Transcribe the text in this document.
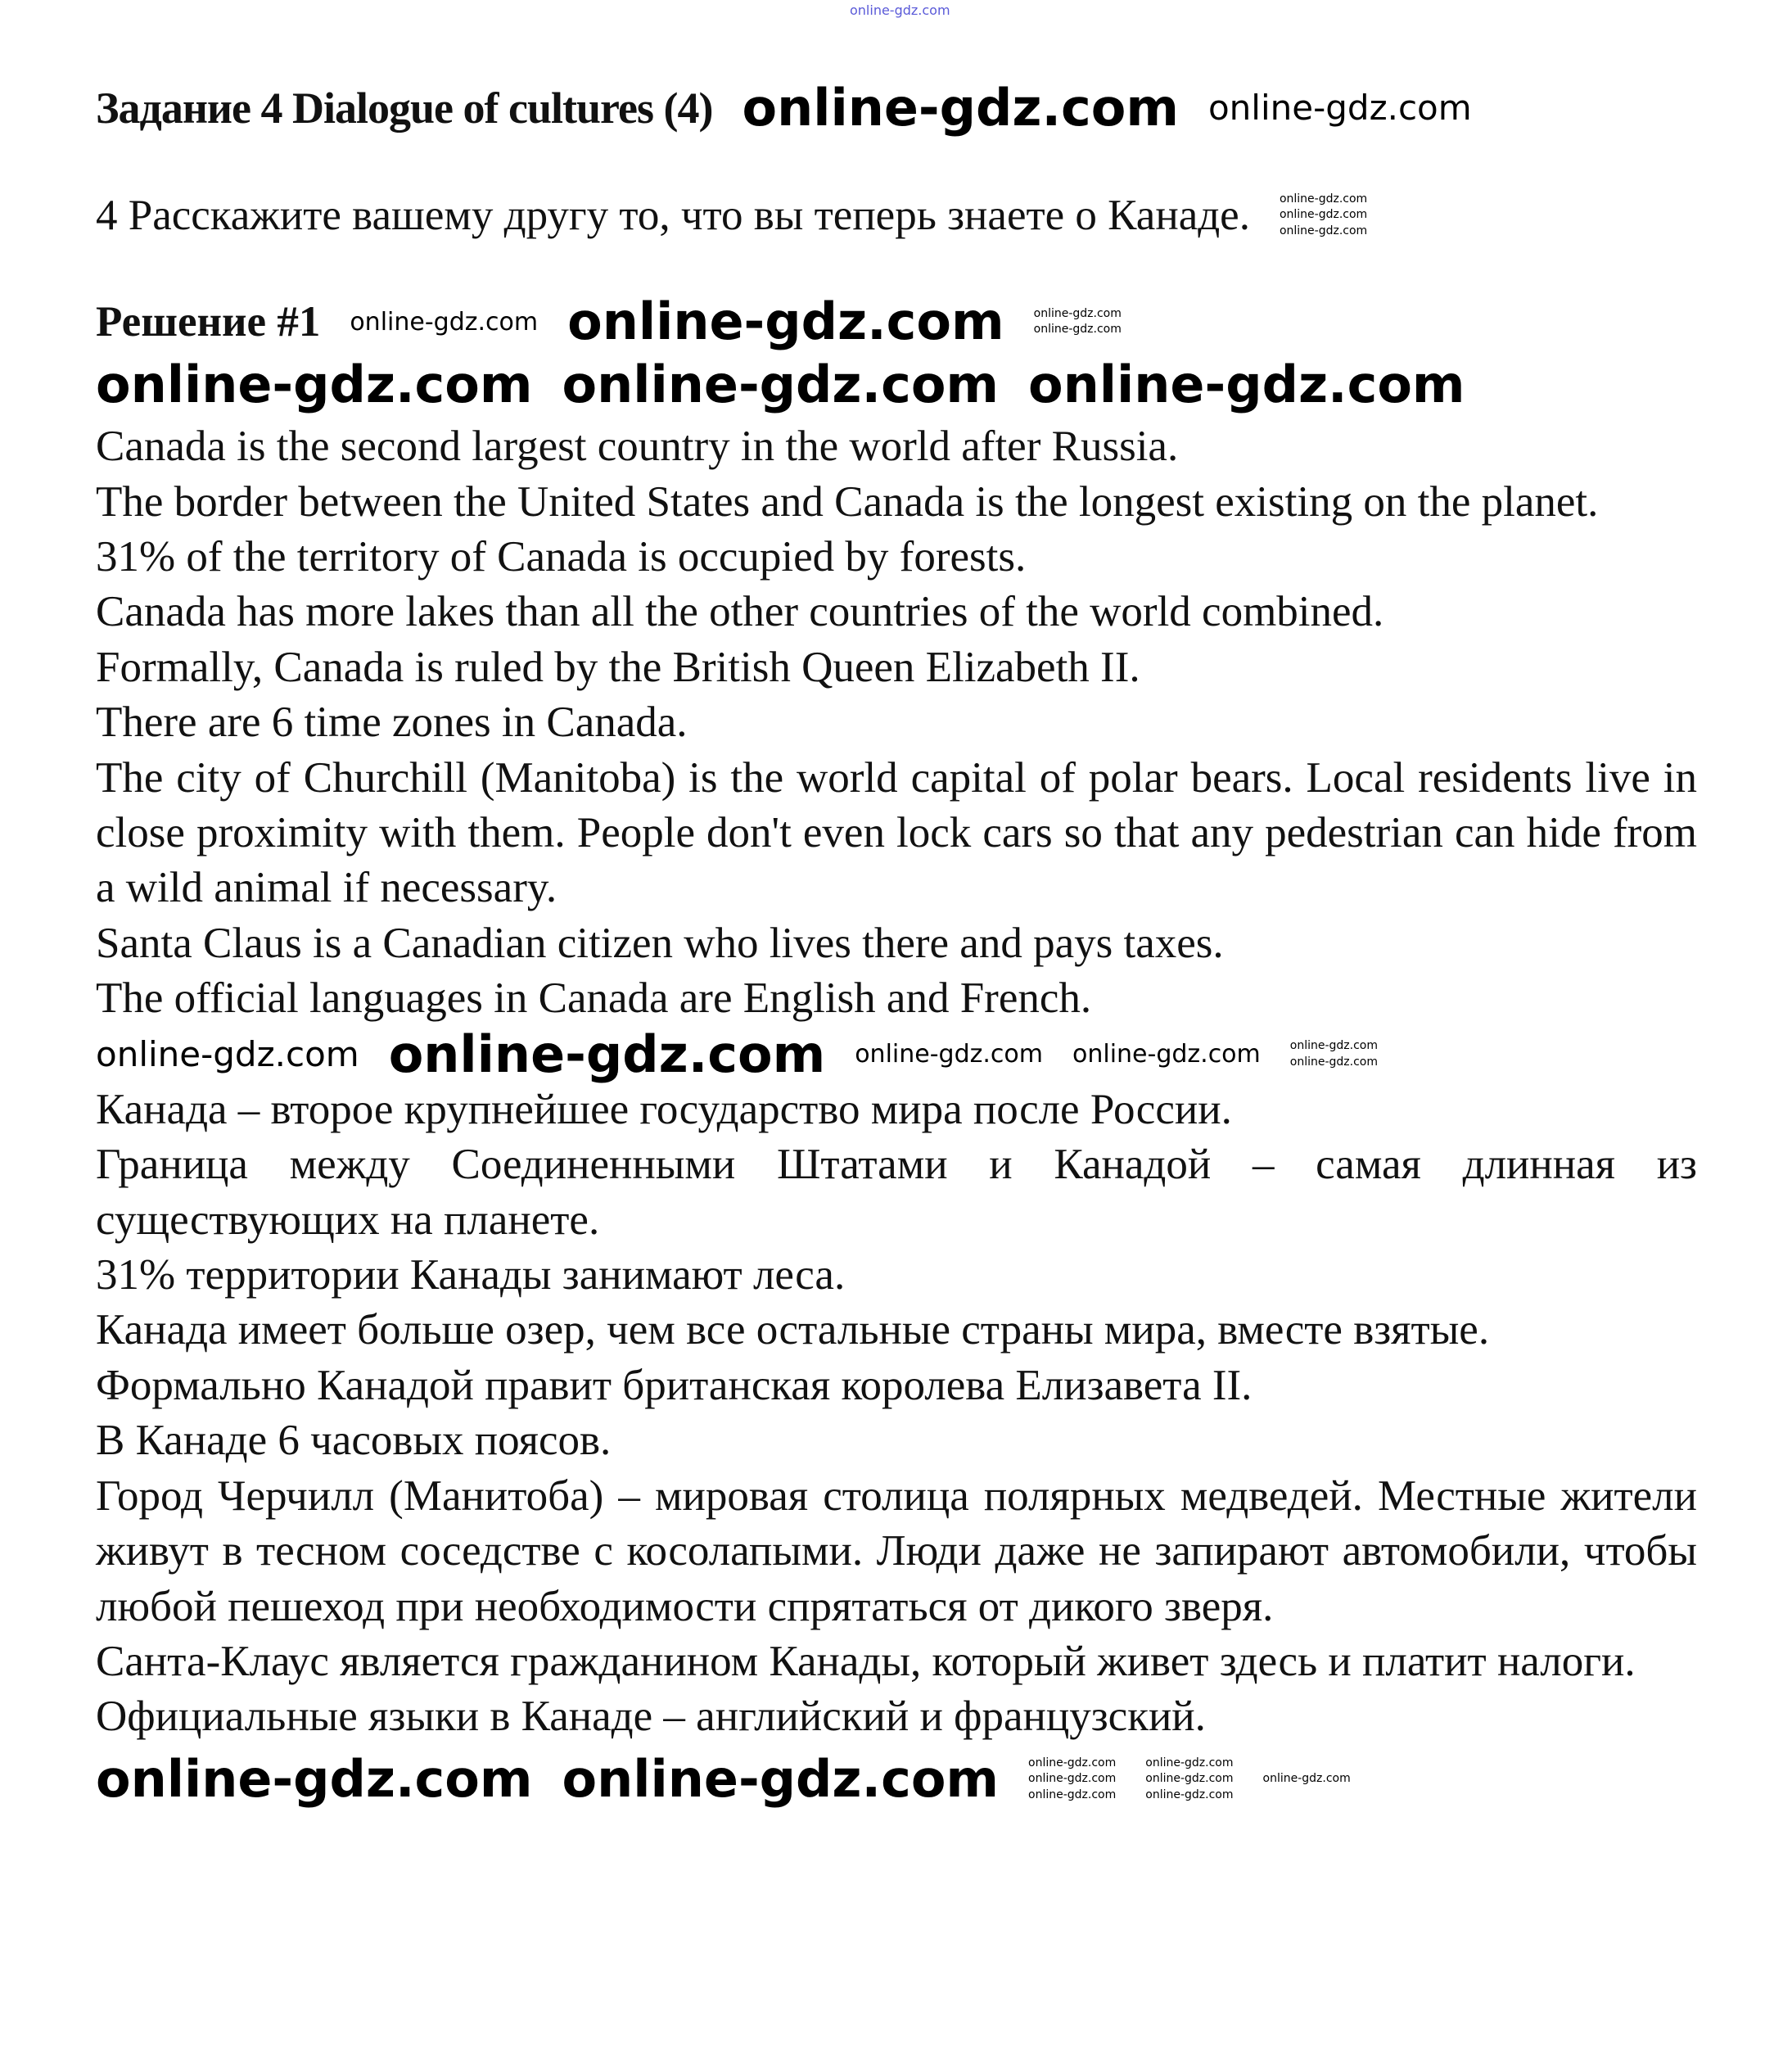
online-gdz.com
Задание 4 Dialogue of cultures (4) online-gdz.com online-gdz.com
4 Расскажите вашему другу то, что вы теперь знаете о Канаде.	online-gdz.com
online-gdz.com
online-gdz.com
Решение #1 online-gdz.com online-gdz.com	online-gdz.com
online-gdz.com
online-gdz.com online-gdz.com online-gdz.com
Canada is the second largest country in the world after Russia.
The border between the United States and Canada is the longest existing on the planet.
31% of the territory of Canada is occupied by forests.
Canada has more lakes than all the other countries of the world combined.
Formally, Canada is ruled by the British Queen Elizabeth II.
There are 6 time zones in Canada.
The city of Churchill (Manitoba) is the world capital of polar bears. Local residents live in close proximity with them. People don't even lock cars so that any pedestrian can hide from a wild animal if necessary.
Santa Claus is a Canadian citizen who lives there and pays taxes.
The official languages in Canada are English and French.
online-gdz.com online-gdz.com online-gdz.com online-gdz.com	online-gdz.com
online-gdz.com
Канада – второе крупнейшее государство мира после России.
Граница между Соединенными Штатами и Канадой – самая длинная из существующих на планете.
31% территории Канады занимают леса.
Канада имеет больше озер, чем все остальные страны мира, вместе взятые.
Формально Канадой правит британская королева Елизавета II.
В Канаде 6 часовых поясов.
Город Черчилл (Манитоба) – мировая столица полярных медведей. Местные жители живут в тесном соседстве с косолапыми. Люди даже не запирают автомобили, чтобы любой пешеход при необходимости спрятаться от дикого зверя.
Санта-Клаус является гражданином Канады, который живет здесь и платит налоги.
Официальные языки в Канаде – английский и французский.
online-gdz.com online-gdz.com	online-gdz.com
online-gdz.com
online-gdz.com
online-gdz.com
online-gdz.com
online-gdz.com
online-gdz.com
